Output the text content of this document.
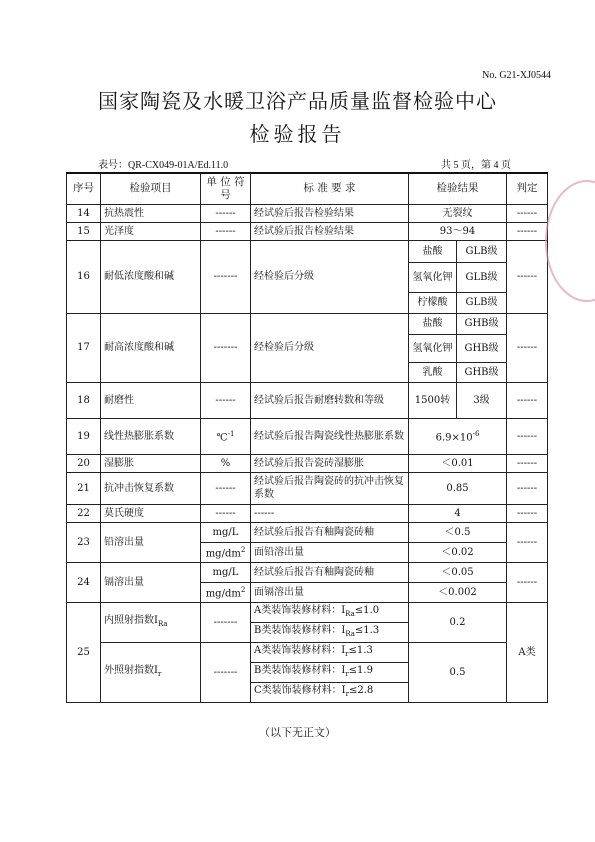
No. G21-XJ0544
国家陶瓷及水暖卫浴产品质量监督检验中心
检验报告
表号：QR-CX049-01A/Ed.11.0	共 5 页，第 4 页
序号	检验项目	单 位 符 号	标 准 要 求	检验结果		判定
14	抗热震性	------	经试验后报告检验结果	无裂纹		------
15	光泽度	------	经试验后报告检验结果	93～94		------
16	耐低浓度酸和碱	-------	经检验后分级	盐酸	GLB级	------
				氢氧化钾	GLB级	
				柠檬酸	GLB级	
17	耐高浓度酸和碱	-------	经检验后分级	盐酸	GHB级	------
				氢氧化钾	GHB级	
				乳酸	GHB级	
18	耐磨性	------	经试验后报告耐磨转数和等级	1500转	3级	------
19	线性热膨胀系数	℃$^{-1}$	经试验后报告陶瓷线性热膨胀系数	$6.9\times 10^{-6}$		------
20	湿膨胀	%	经试验后报告瓷砖湿膨胀	＜0.01		------
21	抗冲击恢复系数	------	经试验后报告陶瓷砖的抗冲击恢复系数	0.85		------
22	莫氏硬度	------	------	4		------
23	铅溶出量	mg/L	经试验后报告有釉陶瓷砖釉	＜0.5		------
		$mg/dm^2$	面铅溶出量	＜0.02		
24	镉溶出量	mg/L	经试验后报告有釉陶瓷砖釉	＜0.05		------
		$mg/dm^2$	面镉溶出量	＜0.002		
25	内照射指数$I_{Ra}$	-------	A类装饰装修材料：$I_{Ra}\le 1.0$	0.2		A类
			B类装饰装修材料：$I_{Ra}\le 1.3$			
	外照射指数$I_r$	-------	A类装饰装修材料：$I_r\le 1.3$	0.5		
			B类装饰装修材料：$I_r\le 1.9$			
			C类装饰装修材料：$I_r\le 2.8$			
（以下无正文）
